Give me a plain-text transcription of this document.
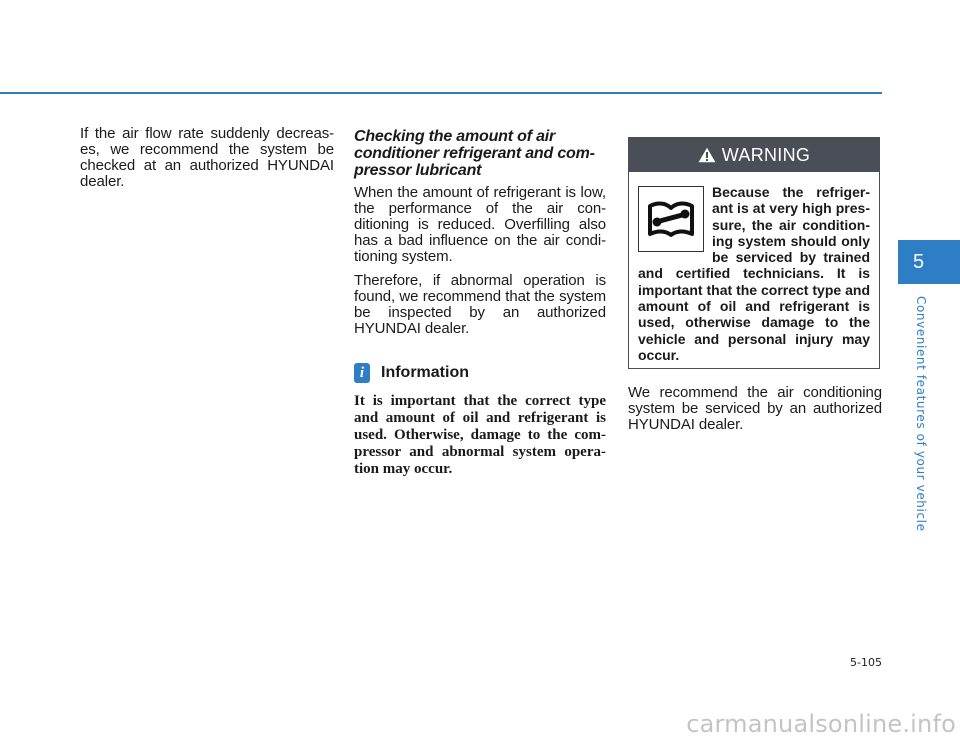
If the air flow rate suddenly decreas-es, we recommend the system be checked at an authorized HYUNDAI dealer.

Checking the amount of air conditioner refrigerant and com-pressor lubricant

When the amount of refrigerant is low, the performance of the air con-ditioning is reduced. Overfilling also has a bad influence on the air condi-tioning system.

Therefore, if abnormal operation is found, we recommend that the system be inspected by an authorized HYUNDAI dealer.

i	Information

It is important that the correct type and amount of oil and refrigerant is used. Otherwise, damage to the com-pressor and abnormal system opera-tion may occur.

WARNING

Because the refriger-ant is at very high pres-sure, the air condition-ing system should only be serviced by trained and certified technicians. It is important that the correct type and amount of oil and refrigerant is used, otherwise damage to the vehicle and personal injury may occur.

We recommend the air conditioning system be serviced by an authorized HYUNDAI dealer.

5
Convenient features of your vehicle
5-105
carmanualsonline.info
